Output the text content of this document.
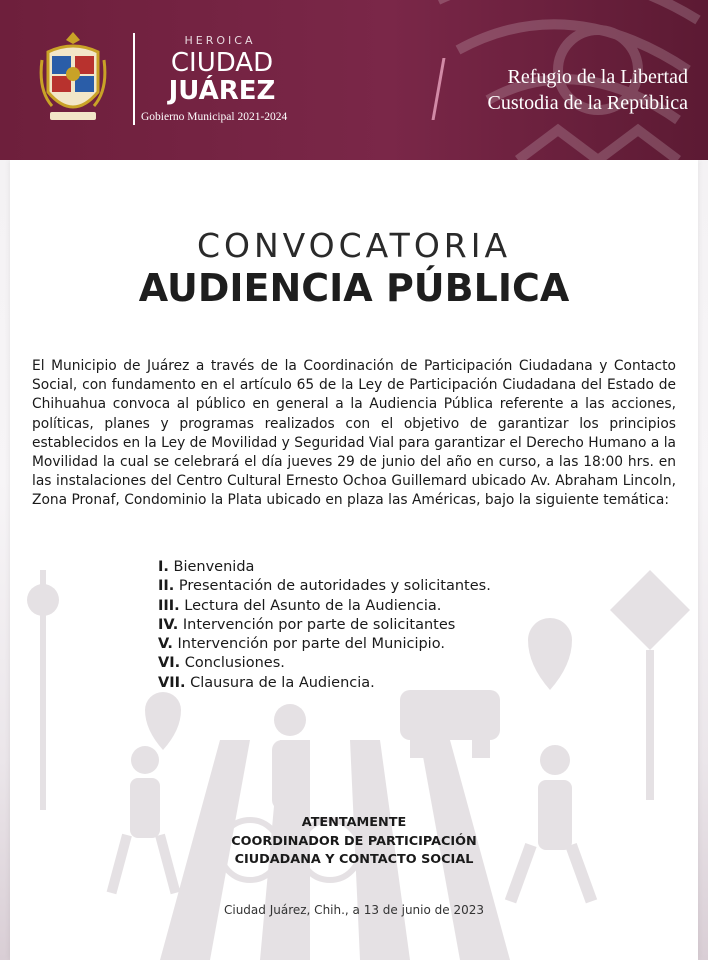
HEROICA
CIUDAD
JUÁREZ
Gobierno Municipal 2021-2024
Refugio de la Libertad
Custodia de la República
CONVOCATORIA
AUDIENCIA PÚBLICA
El Municipio de Juárez a través de la Coordinación de Participación Ciudadana y Contacto Social, con fundamento en el artículo 65 de la Ley de Participación Ciudadana del Estado de Chihuahua convoca al público en general a la Audiencia Pública referente a las acciones, políticas, planes y programas realizados con el objetivo de garantizar los principios establecidos en la Ley de Movilidad y Seguridad Vial para garantizar el Derecho Humano a la Movilidad la cual se celebrará el día jueves 29 de junio del año en curso, a las 18:00 hrs. en las instalaciones del Centro Cultural Ernesto Ochoa Guillemard ubicado Av. Abraham Lincoln, Zona Pronaf, Condominio la Plata ubicado en plaza las Américas, bajo la siguiente temática:
I. Bienvenida
II. Presentación de autoridades y solicitantes.
III. Lectura del Asunto de la Audiencia.
IV. Intervención por parte de solicitantes
V. Intervención por parte del Municipio.
VI. Conclusiones.
VII. Clausura de la Audiencia.
ATENTAMENTE
COORDINADOR DE PARTICIPACIÓN
CIUDADANA Y CONTACTO SOCIAL
Ciudad Juárez, Chih., a 13 de junio de 2023
